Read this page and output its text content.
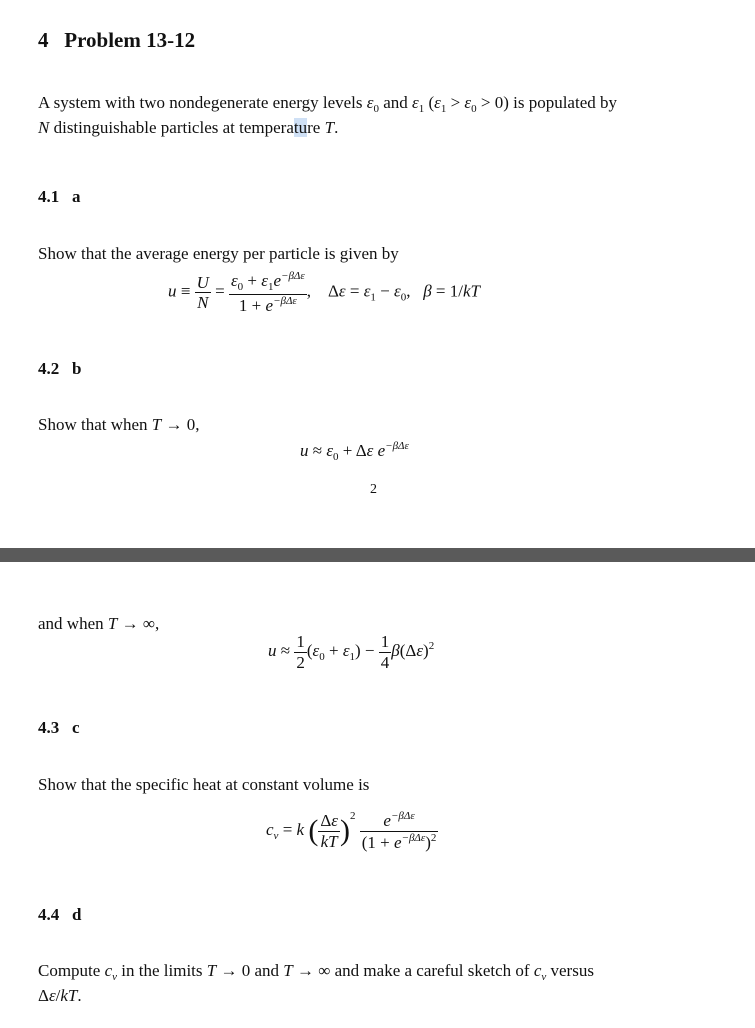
4 Problem 13-12
A system with two nondegenerate energy levels $\varepsilon_0$ and $\varepsilon_1$ $(\varepsilon_1 > \varepsilon_0 > 0)$ is populated by
N distinguishable particles at temperature T.
4.1 a
Show that the average energy per particle is given by
$u \equiv \frac{U}{N} = \frac{\varepsilon_0 + \varepsilon_1e^{-\beta\Delta\varepsilon}}{1 + e^{-\beta\Delta\varepsilon}}$ ,    $\Delta\varepsilon = \varepsilon_1 - \varepsilon_0$,   β = 1/kT
4.2 b
Show that when T → 0,
$u \approx \varepsilon_0 + \Delta\varepsilon$ $e^{-\beta\Delta\varepsilon}$
2
and when T → ∞,
$u \approx \frac{1}{2} (\varepsilon_0 + \varepsilon_1) - \frac{1}{4} \beta(\Delta\varepsilon)^2$
4.3 c
Show that the specific heat at constant volume is
$c_v = k$ ( $\frac{\Delta\varepsilon}{kT} )^2 \frac{e^{-\beta\Delta\varepsilon}}{(1 + e^{-\beta\Delta\varepsilon})^2}$
4.4 d
Compute $c_v$ in the limits T → 0 and T → ∞ and make a careful sketch of $c_v$ versus
Δε/kT.
